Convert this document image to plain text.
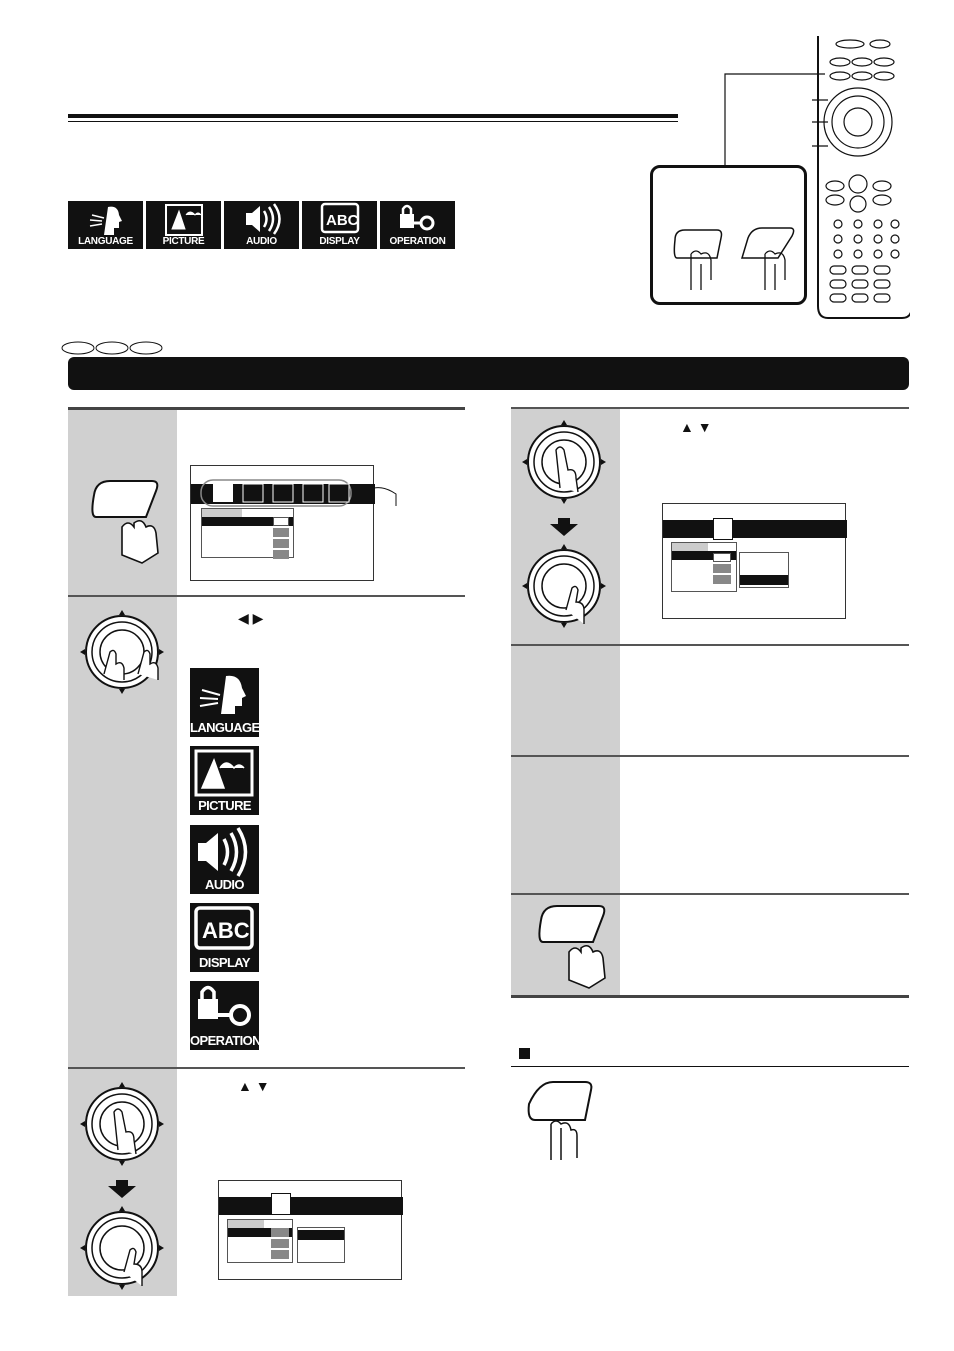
LANGUAGE	PICTURE	AUDIO
ABC
DISPLAY	OPERATION
◀ ▶
LANGUAGE
PICTURE
AUDIO
ABC
DISPLAY
OPERATION
▲ ▼
▲ ▼
